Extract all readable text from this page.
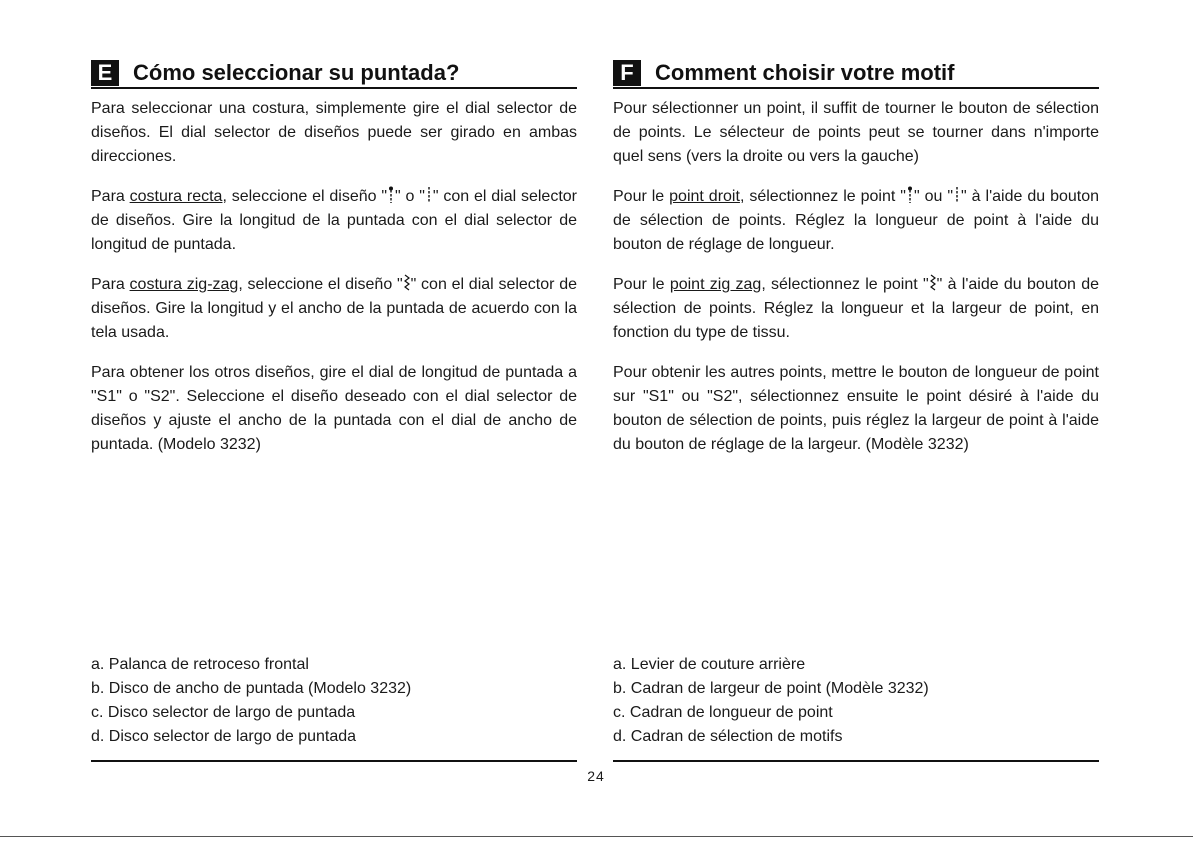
E Cómo seleccionar su puntada?

Para seleccionar una costura, simplemente gire el dial selector de diseños. El dial selector de diseños puede ser girado en ambas direcciones.

Para costura recta, seleccione el diseño " " o " " con el dial selector de diseños. Gire la longitud de la puntada con el dial selector de longitud de puntada.

Para costura zig-zag, seleccione el diseño " " con el dial selector de diseños. Gire la longitud y el ancho de la puntada de acuerdo con la tela usada.

Para obtener los otros diseños, gire el dial de longitud de puntada a "S1" o "S2". Seleccione el diseño deseado con el dial selector de diseños y ajuste el ancho de la puntada con el dial de ancho de puntada. (Modelo 3232)

F Comment choisir votre motif

Pour sélectionner un point, il suffit de tourner le bouton de sélection de points. Le sélecteur de points peut se tourner dans n'importe quel sens (vers la droite ou vers la gauche)

Pour le point droit, sélectionnez le point " " ou " " à l'aide du bouton de sélection de points. Réglez la longueur de point à l'aide du bouton de réglage de longueur.

Pour le point zig zag, sélectionnez le point " " à l'aide du bouton de sélection de points. Réglez la longueur et la largeur de point, en fonction du type de tissu.

Pour obtenir les autres points, mettre le bouton de longueur de point sur "S1" ou "S2", sélectionnez ensuite le point désiré à l'aide du bouton de sélection de points, puis réglez la largeur de point à l'aide du bouton de réglage de la largeur. (Modèle 3232)

a. Palanca de retroceso frontal
b. Disco de ancho de puntada (Modelo 3232)
c. Disco selector de largo de puntada
d. Disco selector de largo de puntada
a. Levier de couture arrière
b. Cadran de largeur de point (Modèle 3232)
c. Cadran de longueur de point
d. Cadran de sélection de motifs
24
